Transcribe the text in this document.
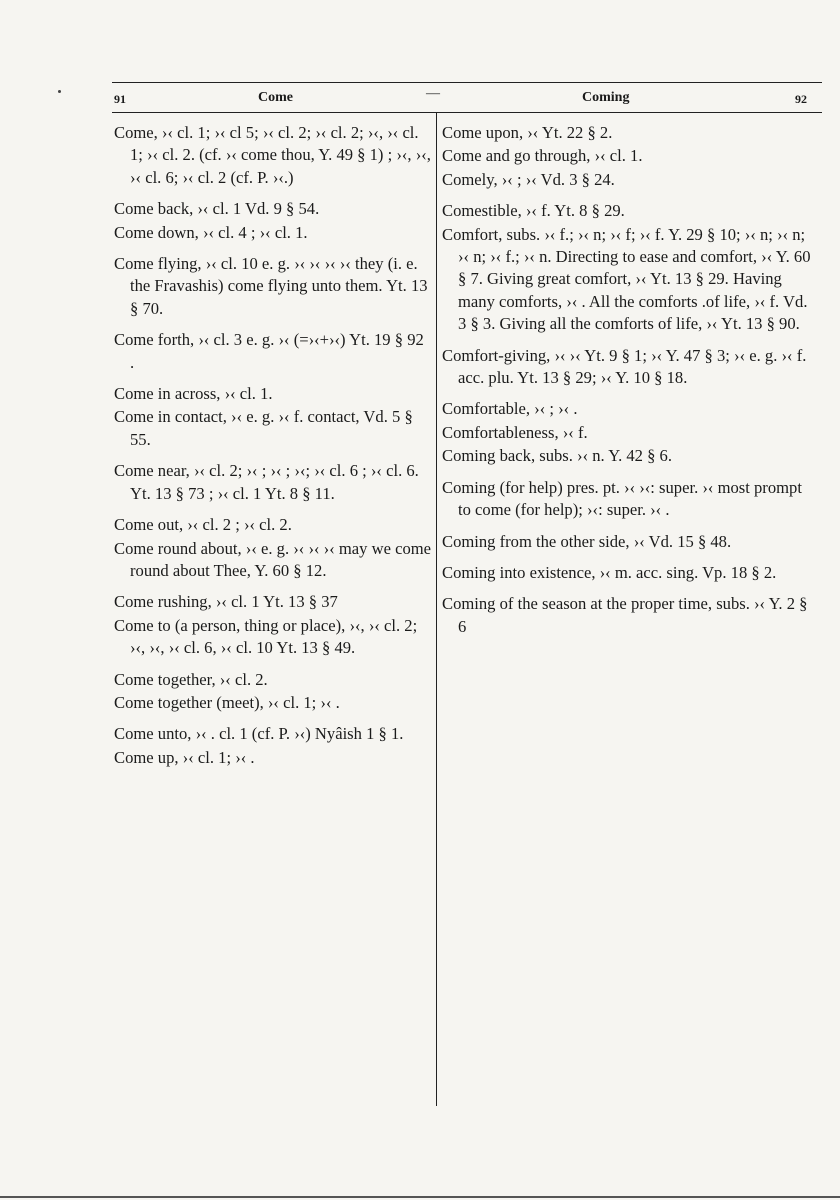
91	Come	—	Coming	92
Come, ›‹ cl. 1; ›‹ cl 5; ›‹ cl. 2; ›‹ cl. 2; ›‹, ›‹ cl. 1; ›‹ cl. 2. (cf. ›‹ come thou, Y. 49 § 1) ; ›‹, ›‹, ›‹ cl. 6; ›‹ cl. 2 (cf. P. ›‹.)
Come back, ›‹ cl. 1 Vd. 9 § 54.
Come down, ›‹ cl. 4 ; ›‹ cl. 1.
Come flying, ›‹ cl. 10 e. g. ›‹ ›‹ ›‹ ›‹ they (i. e. the Fravashis) come flying unto them. Yt. 13 § 70.
Come forth, ›‹ cl. 3 e. g. ›‹ (=›‹+›‹) Yt. 19 § 92 .
Come in across, ›‹ cl. 1.
Come in contact, ›‹ e. g. ›‹ f. contact, Vd. 5 § 55.
Come near, ›‹ cl. 2; ›‹ ; ›‹ ; ›‹; ›‹ cl. 6 ; ›‹ cl. 6. Yt. 13 § 73 ; ›‹ cl. 1 Yt. 8 § 11.
Come out, ›‹ cl. 2 ; ›‹ cl. 2.
Come round about, ›‹ e. g. ›‹ ›‹ ›‹ may we come round about Thee, Y. 60 § 12.
Come rushing, ›‹ cl. 1 Yt. 13 § 37
Come to (a person, thing or place), ›‹, ›‹ cl. 2; ›‹, ›‹, ›‹ cl. 6, ›‹ cl. 10 Yt. 13 § 49.
Come together, ›‹ cl. 2.
Come together (meet), ›‹ cl. 1; ›‹ .
Come unto, ›‹ . cl. 1 (cf. P. ›‹) Nyâish 1 § 1.
Come up, ›‹ cl. 1; ›‹ .
Come upon, ›‹ Yt. 22 § 2.
Come and go through, ›‹ cl. 1.
Comely, ›‹ ; ›‹ Vd. 3 § 24.
Comestible, ›‹ f. Yt. 8 § 29.
Comfort, subs. ›‹ f.; ›‹ n; ›‹ f; ›‹ f. Y. 29 § 10; ›‹ n; ›‹ n; ›‹ n; ›‹ f.; ›‹ n. Directing to ease and comfort, ›‹ Y. 60 § 7. Giving great comfort, ›‹ Yt. 13 § 29. Having many comforts, ›‹ . All the comforts .of life, ›‹ f. Vd. 3 § 3. Giving all the comforts of life, ›‹ Yt. 13 § 90.
Comfort-giving, ›‹ ›‹ Yt. 9 § 1; ›‹ Y. 47 § 3; ›‹ e. g. ›‹ f. acc. plu. Yt. 13 § 29; ›‹ Y. 10 § 18.
Comfortable, ›‹ ; ›‹ .
Comfortableness, ›‹ f.
Coming back, subs. ›‹ n. Y. 42 § 6.
Coming (for help) pres. pt. ›‹ ›‹: super. ›‹ most prompt to come (for help); ›‹: super. ›‹ .
Coming from the other side, ›‹ Vd. 15 § 48.
Coming into existence, ›‹ m. acc. sing. Vp. 18 § 2.
Coming of the season at the proper time, subs. ›‹ Y. 2 § 6
